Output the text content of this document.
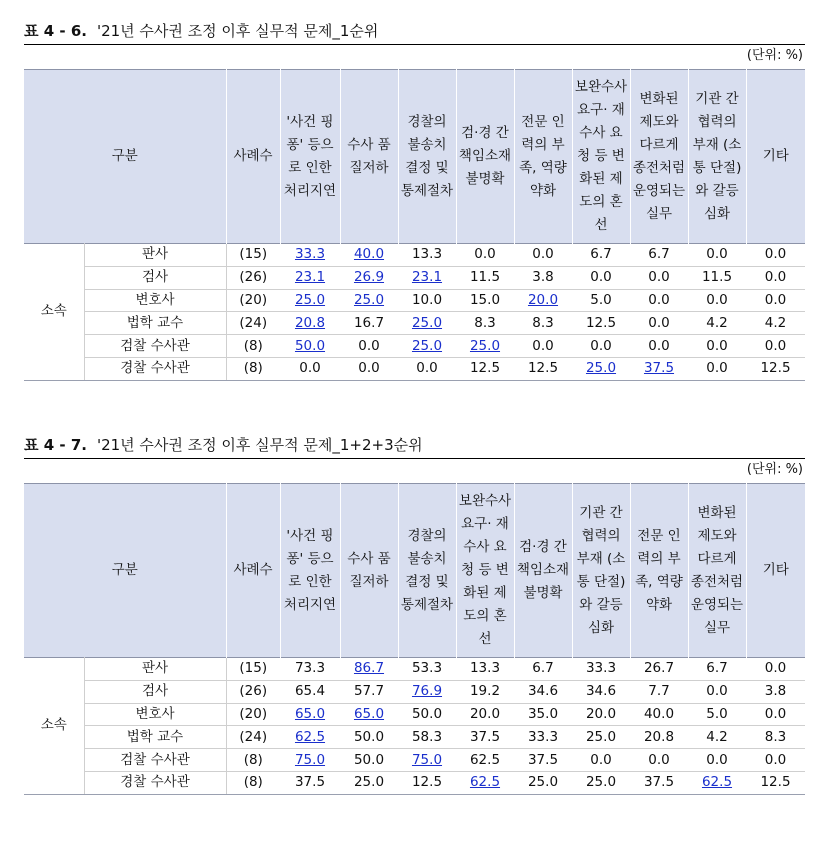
표 4 - 6. '21년 수사권 조정 이후 실무적 문제_1순위
(단위: %)
구분		사례수	'사건 핑퐁' 등으로 인한 처리지연	수사 품질저하	경찰의 불송치 결정 및 통제절차	검·경 간 책임소재 불명확	전문 인력의 부족, 역량약화	보완수사 요구· 재수사 요청 등 변화된 제도의 혼선	변화된 제도와 다르게 종전처럼 운영되는 실무	기관 간 협력의 부재 (소통 단절)와 갈등심화	기타
소속	판사	(15)	33.3	40.0	13.3	0.0	0.0	6.7	6.7	0.0	0.0
	검사	(26)	23.1	26.9	23.1	11.5	3.8	0.0	0.0	11.5	0.0
	변호사	(20)	25.0	25.0	10.0	15.0	20.0	5.0	0.0	0.0	0.0
	법학 교수	(24)	20.8	16.7	25.0	8.3	8.3	12.5	0.0	4.2	4.2
	검찰 수사관	(8)	50.0	0.0	25.0	25.0	0.0	0.0	0.0	0.0	0.0
	경찰 수사관	(8)	0.0	0.0	0.0	12.5	12.5	25.0	37.5	0.0	12.5
표 4 - 7. '21년 수사권 조정 이후 실무적 문제_1+2+3순위
(단위: %)
구분		사례수	'사건 핑퐁' 등으로 인한 처리지연	수사 품질저하	경찰의 불송치 결정 및 통제절차	보완수사 요구· 재수사 요청 등 변화된 제도의 혼선	검·경 간 책임소재 불명확	기관 간 협력의 부재 (소통 단절)와 갈등심화	전문 인력의 부족, 역량약화	변화된 제도와 다르게 종전처럼 운영되는 실무	기타
소속	판사	(15)	73.3	86.7	53.3	13.3	6.7	33.3	26.7	6.7	0.0
	검사	(26)	65.4	57.7	76.9	19.2	34.6	34.6	7.7	0.0	3.8
	변호사	(20)	65.0	65.0	50.0	20.0	35.0	20.0	40.0	5.0	0.0
	법학 교수	(24)	62.5	50.0	58.3	37.5	33.3	25.0	20.8	4.2	8.3
	검찰 수사관	(8)	75.0	50.0	75.0	62.5	37.5	0.0	0.0	0.0	0.0
	경찰 수사관	(8)	37.5	25.0	12.5	62.5	25.0	25.0	37.5	62.5	12.5
